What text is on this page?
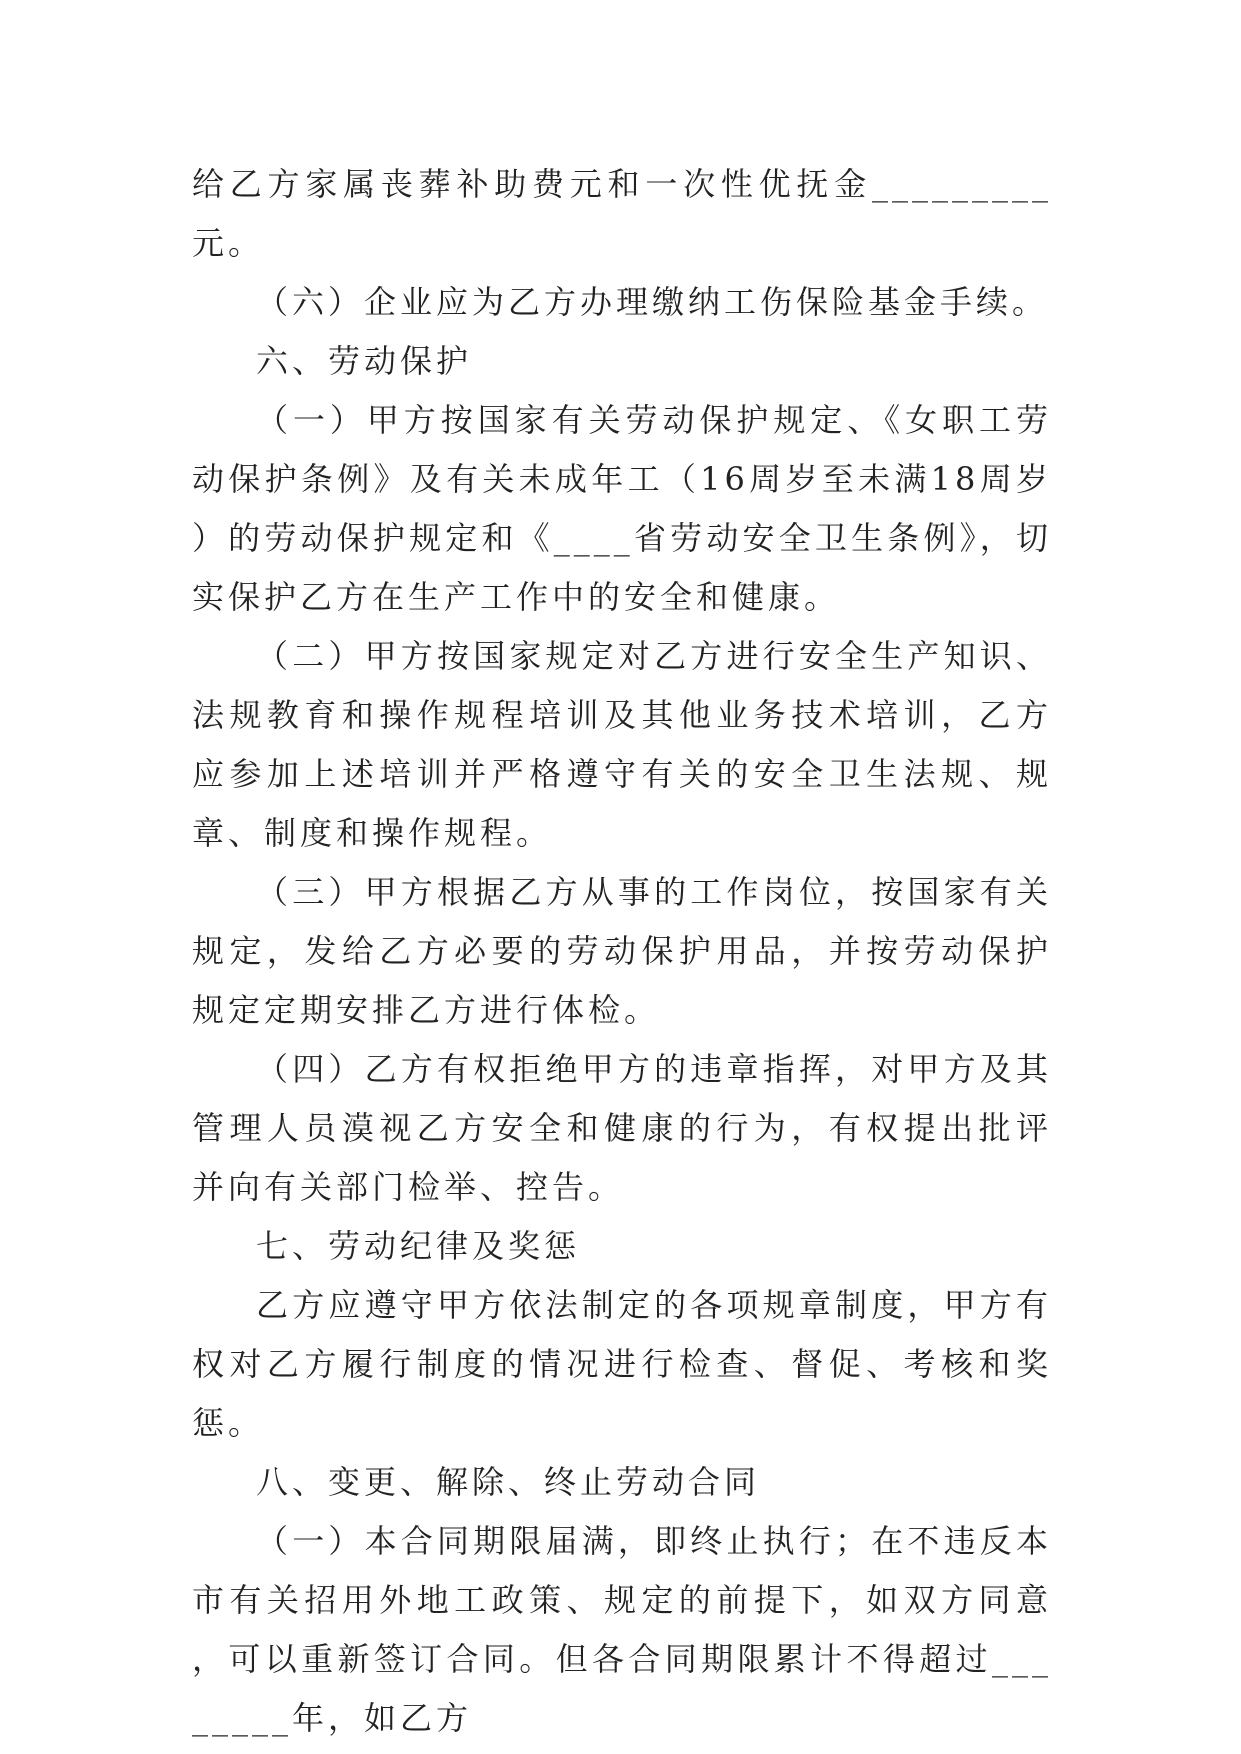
给乙方家属丧葬补助费元和一次性优抚金_________元。

（六）企业应为乙方办理缴纳工伤保险基金手续。

六、劳动保护

（一）甲方按国家有关劳动保护规定、《女职工劳动保护条例》及有关未成年工（16周岁至未满18周岁）的劳动保护规定和《____省劳动安全卫生条例》，切实保护乙方在生产工作中的安全和健康。

（二）甲方按国家规定对乙方进行安全生产知识、法规教育和操作规程培训及其他业务技术培训，乙方应参加上述培训并严格遵守有关的安全卫生法规、规章、制度和操作规程。

（三）甲方根据乙方从事的工作岗位，按国家有关规定，发给乙方必要的劳动保护用品，并按劳动保护规定定期安排乙方进行体检。

（四）乙方有权拒绝甲方的违章指挥，对甲方及其管理人员漠视乙方安全和健康的行为，有权提出批评并向有关部门检举、控告。

七、劳动纪律及奖惩

乙方应遵守甲方依法制定的各项规章制度，甲方有权对乙方履行制度的情况进行检查、督促、考核和奖惩。

八、变更、解除、终止劳动合同

（一）本合同期限届满，即终止执行；在不违反本市有关招用外地工政策、规定的前提下，如双方同意，可以重新签订合同。但各合同期限累计不得超过________年，如乙方
